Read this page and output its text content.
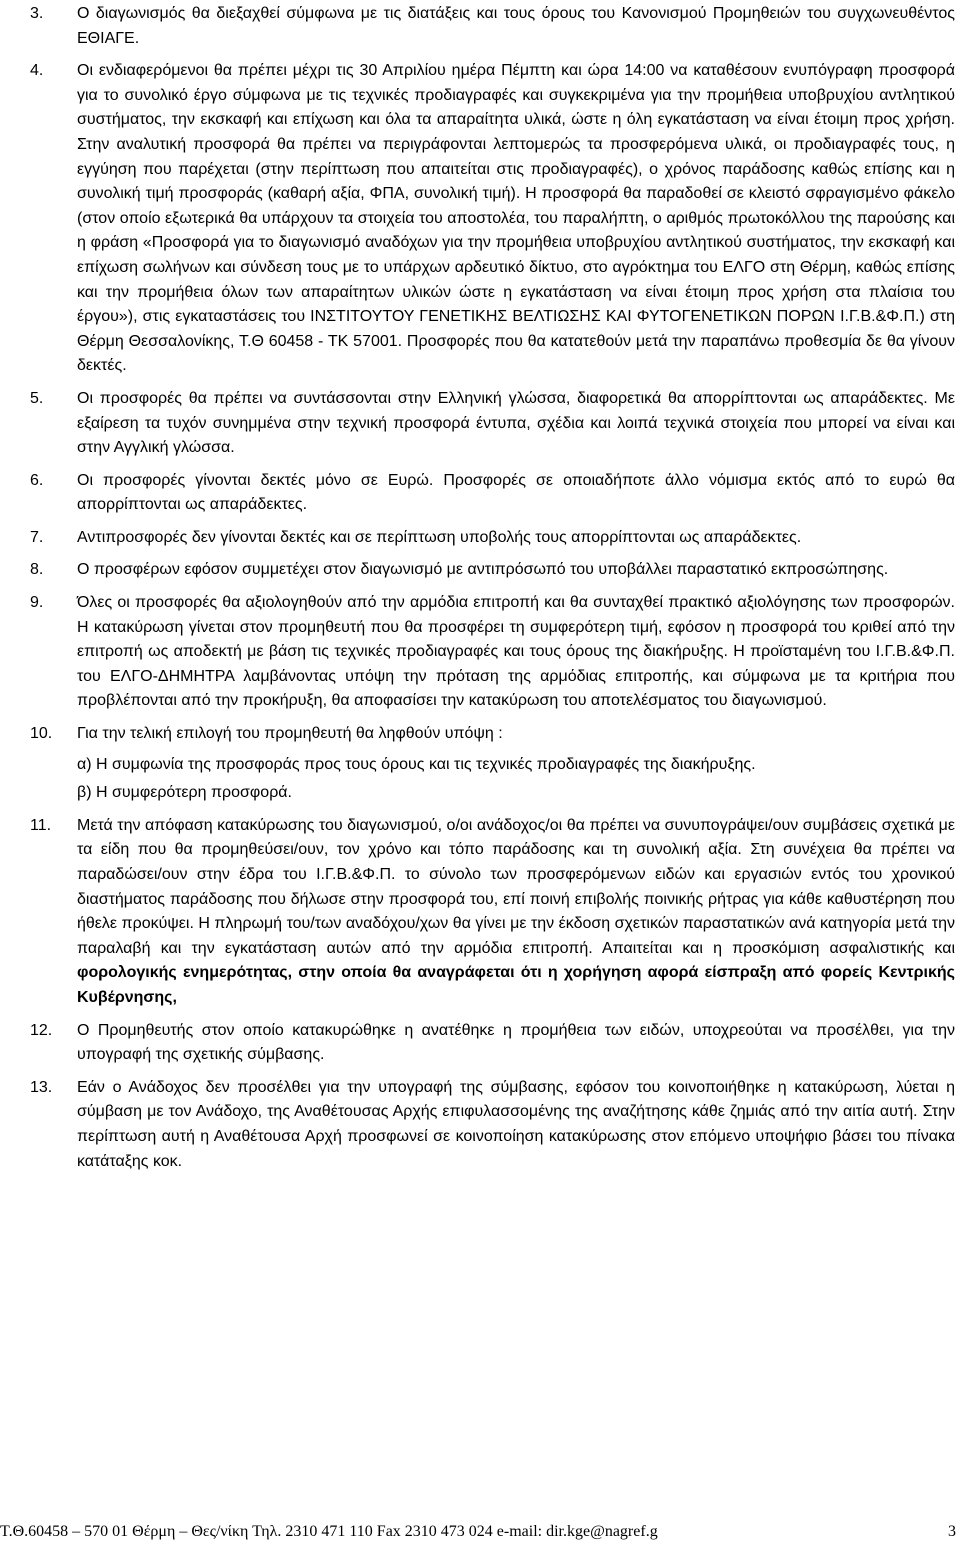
3. Ο διαγωνισμός θα διεξαχθεί σύμφωνα με τις διατάξεις και τους όρους του Κανονισμού Προμηθειών του συγχωνευθέντος ΕΘΙΑΓΕ.
4. Οι ενδιαφερόμενοι θα πρέπει μέχρι τις 30 Απριλίου ημέρα Πέμπτη και ώρα 14:00 να καταθέσουν ενυπόγραφη προσφορά για το συνολικό έργο σύμφωνα με τις τεχνικές προδιαγραφές και συγκεκριμένα για την προμήθεια υποβρυχίου αντλητικού συστήματος, την εκσκαφή και επίχωση και όλα τα απαραίτητα υλικά, ώστε η όλη εγκατάσταση να είναι έτοιμη προς χρήση. Στην αναλυτική προσφορά θα πρέπει να περιγράφονται λεπτομερώς τα προσφερόμενα υλικά, οι προδιαγραφές τους, η εγγύηση που παρέχεται (στην περίπτωση που απαιτείται στις προδιαγραφές), ο χρόνος παράδοσης καθώς επίσης και η συνολική τιμή προσφοράς (καθαρή αξία, ΦΠΑ, συνολική τιμή). Η προσφορά θα παραδοθεί σε κλειστό σφραγισμένο φάκελο (στον οποίο εξωτερικά θα υπάρχουν τα στοιχεία του αποστολέα, του παραλήπτη, ο αριθμός πρωτοκόλλου της παρούσης και η φράση «Προσφορά για το διαγωνισμό αναδόχων για την προμήθεια υποβρυχίου αντλητικού συστήματος, την εκσκαφή και επίχωση σωλήνων και σύνδεση τους με το υπάρχων αρδευτικό δίκτυο, στο αγρόκτημα του ΕΛΓΟ στη Θέρμη, καθώς επίσης και την προμήθεια όλων των απαραίτητων υλικών ώστε η εγκατάσταση να είναι έτοιμη προς χρήση στα πλαίσια του έργου»), στις εγκαταστάσεις του ΙΝΣΤΙΤΟΥΤΟΥ ΓΕΝΕΤΙΚΗΣ ΒΕΛΤΙΩΣΗΣ ΚΑΙ ΦΥΤΟΓΕΝΕΤΙΚΩΝ ΠΟΡΩΝ Ι.Γ.Β.&Φ.Π.) στη Θέρμη Θεσσαλονίκης, Τ.Θ 60458 - ΤΚ 57001. Προσφορές που θα κατατεθούν μετά την παραπάνω προθεσμία δε θα γίνουν δεκτές.
5. Οι προσφορές θα πρέπει να συντάσσονται στην Ελληνική γλώσσα, διαφορετικά θα απορρίπτονται ως απαράδεκτες. Με εξαίρεση τα τυχόν συνημμένα στην τεχνική προσφορά έντυπα, σχέδια και λοιπά τεχνικά στοιχεία που μπορεί να είναι και στην Αγγλική γλώσσα.
6. Οι προσφορές γίνονται δεκτές μόνο σε Ευρώ. Προσφορές σε οποιαδήποτε άλλο νόμισμα εκτός από το ευρώ θα απορρίπτονται ως απαράδεκτες.
7. Αντιπροσφορές δεν γίνονται δεκτές και σε περίπτωση υποβολής τους απορρίπτονται ως απαράδεκτες.
8. Ο προσφέρων εφόσον συμμετέχει στον διαγωνισμό με αντιπρόσωπό του υποβάλλει παραστατικό εκπροσώπησης.
9. Όλες οι προσφορές θα αξιολογηθούν από την αρμόδια επιτροπή και θα συνταχθεί πρακτικό αξιολόγησης των προσφορών. Η κατακύρωση γίνεται στον προμηθευτή που θα προσφέρει τη συμφερότερη τιμή, εφόσον η προσφορά του κριθεί από την επιτροπή ως αποδεκτή με βάση τις τεχνικές προδιαγραφές και τους όρους της διακήρυξης. Η προϊσταμένη του Ι.Γ.Β.&Φ.Π. του ΕΛΓΟ-ΔΗΜΗΤΡΑ λαμβάνοντας υπόψη την πρόταση της αρμόδιας επιτροπής, και σύμφωνα με τα κριτήρια που προβλέπονται από την προκήρυξη, θα αποφασίσει την κατακύρωση του αποτελέσματος του διαγωνισμού.
10. Για την τελική επιλογή του προμηθευτή θα ληφθούν υπόψη :
α) Η συμφωνία της προσφοράς προς τους όρους και τις τεχνικές προδιαγραφές της διακήρυξης.
β) Η συμφερότερη προσφορά.
11. Μετά την απόφαση κατακύρωσης του διαγωνισμού, ο/οι ανάδοχος/οι θα πρέπει να συνυπογράψει/ουν συμβάσεις σχετικά με τα είδη που θα προμηθεύσει/ουν, τον χρόνο και τόπο παράδοσης και τη συνολική αξία. Στη συνέχεια θα πρέπει να παραδώσει/ουν στην έδρα του Ι.Γ.Β.&Φ.Π. το σύνολο των προσφερόμενων ειδών και εργασιών εντός του χρονικού διαστήματος παράδοσης που δήλωσε στην προσφορά του, επί ποινή επιβολής ποινικής ρήτρας για κάθε καθυστέρηση που ήθελε προκύψει. Η πληρωμή του/των αναδόχου/χων θα γίνει με την έκδοση σχετικών παραστατικών ανά κατηγορία μετά την παραλαβή και την εγκατάσταση αυτών από την αρμόδια επιτροπή. Απαιτείται και η προσκόμιση ασφαλιστικής και φορολογικής ενημερότητας, στην οποία θα αναγράφεται ότι η χορήγηση αφορά είσπραξη από φορείς Κεντρικής Κυβέρνησης,
12. Ο Προμηθευτής στον οποίο κατακυρώθηκε η ανατέθηκε η προμήθεια των ειδών, υποχρεούται να προσέλθει, για την υπογραφή της σχετικής σύμβασης.
13. Εάν ο Ανάδοχος δεν προσέλθει για την υπογραφή της σύμβασης, εφόσον του κοινοποιήθηκε η κατακύρωση, λύεται η σύμβαση με τον Ανάδοχο, της Αναθέτουσας Αρχής επιφυλασσομένης της αναζήτησης κάθε ζημιάς από την αιτία αυτή. Στην περίπτωση αυτή η Αναθέτουσα Αρχή προσφωνεί σε κοινοποίηση κατακύρωσης στον επόμενο υποψήφιο βάσει του πίνακα κατάταξης κοκ.
Τ.Θ.60458 – 570 01 Θέρμη – Θες/νίκη Τηλ. 2310 471 110 Fax 2310 473 024 e-mail: dir.kge@nagref.g	3
